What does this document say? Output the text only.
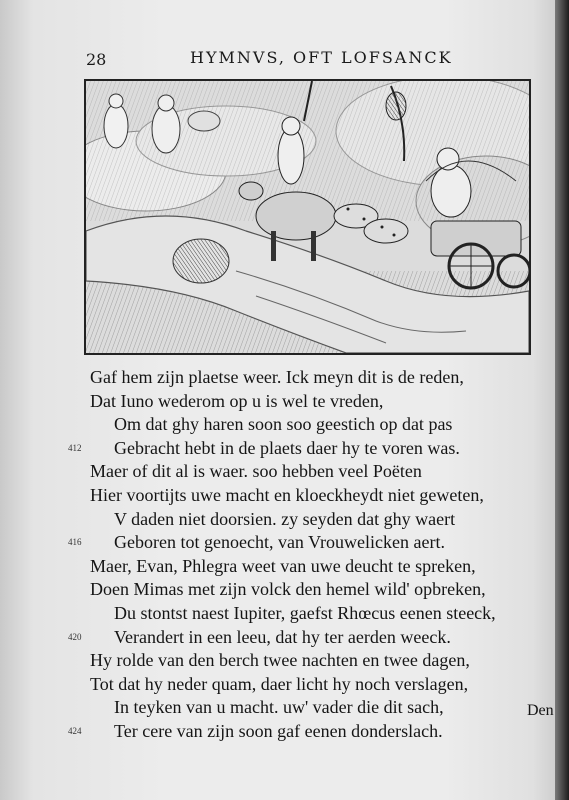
28	HYMNVS, OFT LOFSANCK
Gaf hem zijn plaetse weer. Ick meyn dit is de reden,
Dat Iuno wederom op u is wel te vreden,
Om dat ghy haren soon soo geestich op dat pas
412 Gebracht hebt in de plaets daer hy te voren was.
Maer of dit al is waer. soo hebben veel Poëten
Hier voortijts uwe macht en kloeckheydt niet geweten,
V daden niet doorsien. zy seyden dat ghy waert
416 Geboren tot genoecht, van Vrouwelicken aert.
Maer, Evan, Phlegra weet van uwe deucht te spreken,
Doen Mimas met zijn volck den hemel wild' opbreken,
Du stontst naest Iupiter, gaefst Rhœcus eenen steeck,
420 Verandert in een leeu, dat hy ter aerden weeck.
Hy rolde van den berch twee nachten en twee dagen,
Tot dat hy neder quam, daer licht hy noch verslagen,
In teyken van u macht. uw' vader die dit sach,
424 Ter cere van zijn soon gaf eenen donderslach.
Den
